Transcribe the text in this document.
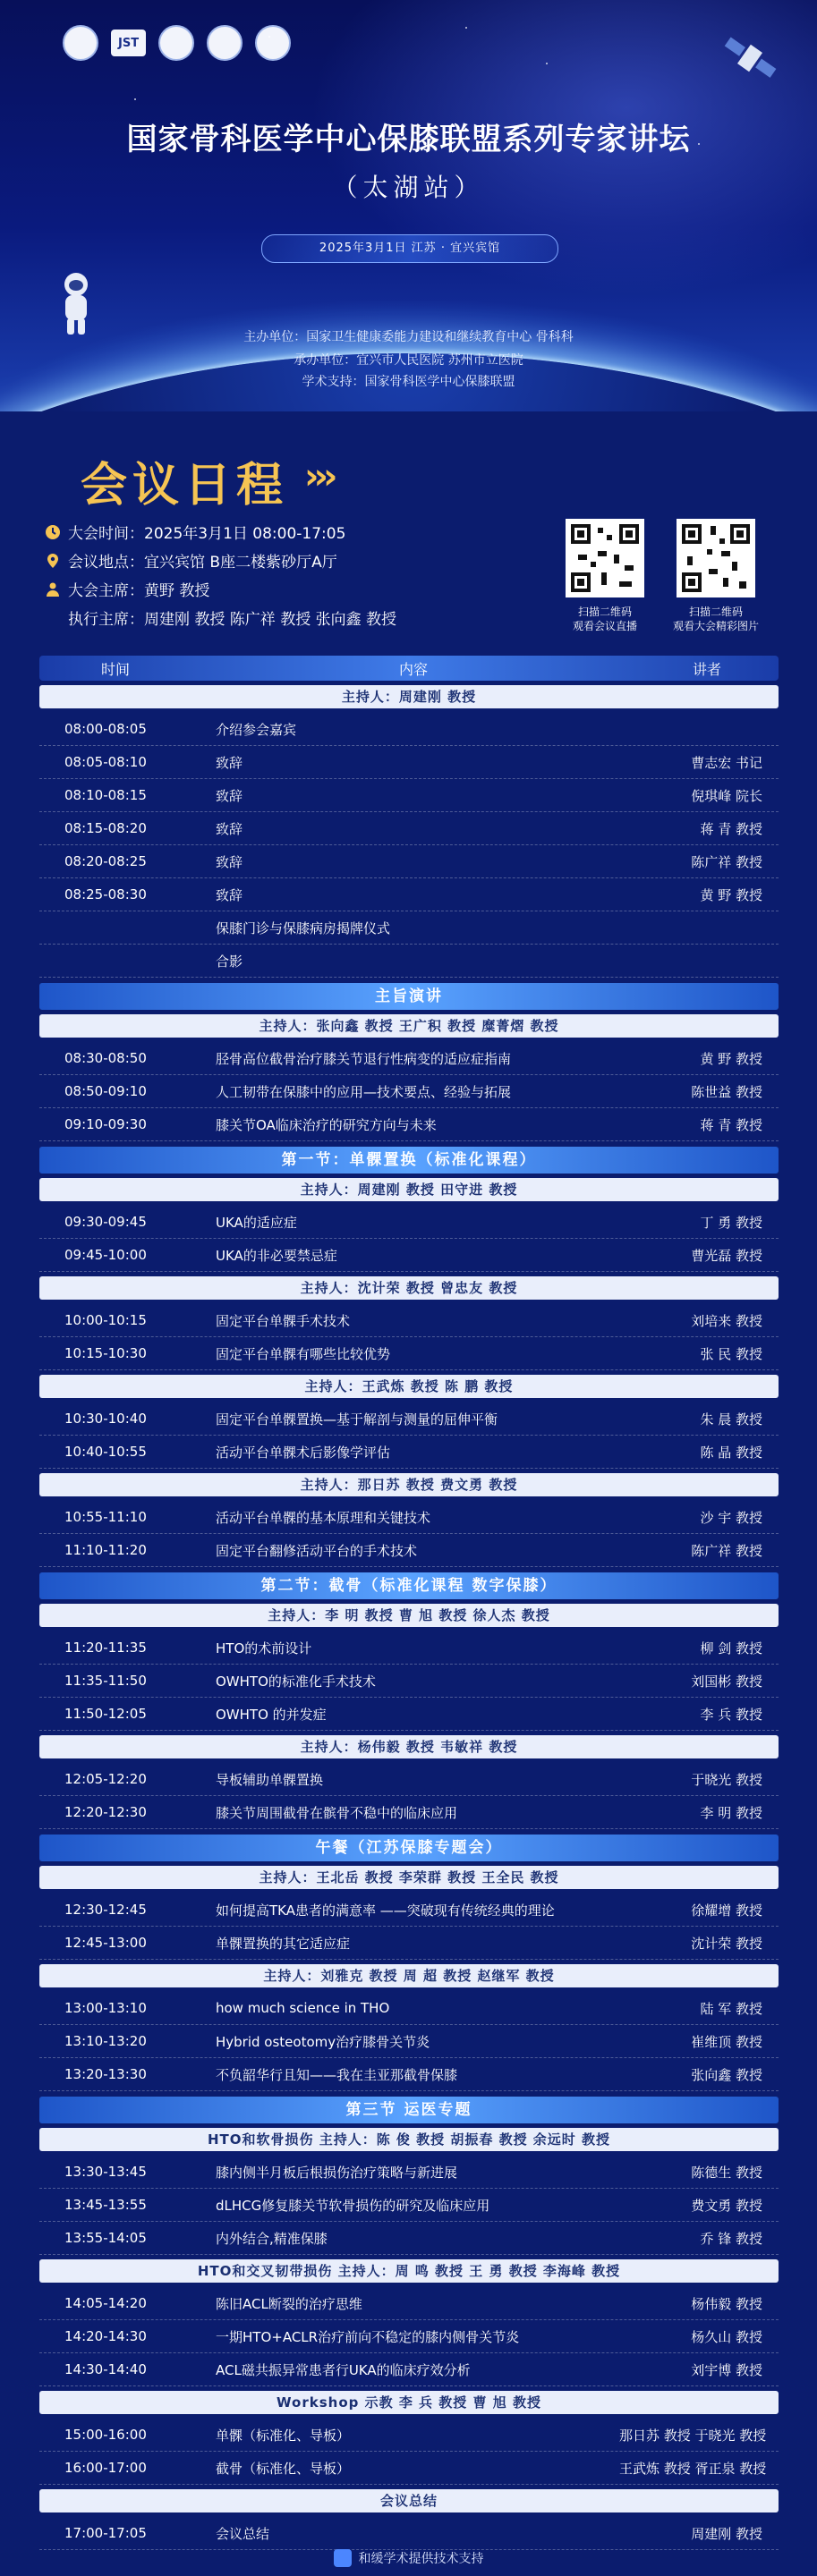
JST
国家骨科医学中心保膝联盟系列专家讲坛
（太湖站）
2025年3月1日 江苏 · 宜兴宾馆
主办单位：国家卫生健康委能力建设和继续教育中心 骨科科
承办单位：宜兴市人民医院 苏州市立医院
学术支持：国家骨科医学中心保膝联盟
会议日程 ›››
大会时间：2025年3月1日 08:00-17:05
会议地点：宜兴宾馆 B座二楼紫砂厅A厅
大会主席：黄野 教授
执行主席：周建刚 教授 陈广祥 教授 张向鑫 教授	扫描二维码
观看会议直播
扫描二维码
观看大会精彩图片
时间	内容	讲者
主持人：周建刚 教授
08:00-08:05	介绍参会嘉宾
08:05-08:10	致辞	曹志宏 书记
08:10-08:15	致辞	倪琪峰 院长
08:15-08:20	致辞	蒋 青 教授
08:20-08:25	致辞	陈广祥 教授
08:25-08:30	致辞	黄 野 教授
保膝门诊与保膝病房揭牌仪式
合影
主旨演讲
主持人：张向鑫 教授 王广积 教授 糜菁熠 教授
08:30-08:50	胫骨高位截骨治疗膝关节退行性病变的适应症指南	黄 野 教授
08:50-09:10	人工韧带在保膝中的应用—技术要点、经验与拓展	陈世益 教授
09:10-09:30	膝关节OA临床治疗的研究方向与未来	蒋 青 教授
第一节：单髁置换（标准化课程）
主持人：周建刚 教授 田守进 教授
09:30-09:45	UKA的适应症	丁 勇 教授
09:45-10:00	UKA的非必要禁忌症	曹光磊 教授
主持人：沈计荣 教授 曾忠友 教授
10:00-10:15	固定平台单髁手术技术	刘培来 教授
10:15-10:30	固定平台单髁有哪些比较优势	张 民 教授
主持人：王武炼 教授 陈 鹏 教授
10:30-10:40	固定平台单髁置换—基于解剖与测量的屈伸平衡	朱 晨 教授
10:40-10:55	活动平台单髁术后影像学评估	陈 晶 教授
主持人：那日苏 教授 费文勇 教授
10:55-11:10	活动平台单髁的基本原理和关键技术	沙 宇 教授
11:10-11:20	固定平台翻修活动平台的手术技术	陈广祥 教授
第二节：截骨（标准化课程 数字保膝）
主持人：李 明 教授 曹 旭 教授 徐人杰 教授
11:20-11:35	HTO的术前设计	柳 剑 教授
11:35-11:50	OWHTO的标准化手术技术	刘国彬 教授
11:50-12:05	OWHTO 的并发症	李 兵 教授
主持人：杨伟毅 教授 韦敏祥 教授
12:05-12:20	导板辅助单髁置换	于晓光 教授
12:20-12:30	膝关节周围截骨在髌骨不稳中的临床应用	李 明 教授
午餐（江苏保膝专题会）
主持人：王北岳 教授 李荣群 教授 王全民 教授
12:30-12:45	如何提高TKA患者的满意率 ——突破现有传统经典的理论	徐耀增 教授
12:45-13:00	单髁置换的其它适应症	沈计荣 教授
主持人：刘雅克 教授 周 超 教授 赵继军 教授
13:00-13:10	how much science in THO	陆 军 教授
13:10-13:20	Hybrid osteotomy治疗膝骨关节炎	崔维顶 教授
13:20-13:30	不负韶华行且知——我在圭亚那截骨保膝	张向鑫 教授
第三节 运医专题
HTO和软骨损伤 主持人：陈 俊 教授 胡振春 教授 余远时 教授
13:30-13:45	膝内侧半月板后根损伤治疗策略与新进展	陈德生 教授
13:45-13:55	dLHCG修复膝关节软骨损伤的研究及临床应用	费文勇 教授
13:55-14:05	内外结合,精准保膝	乔 锋 教授
HTO和交叉韧带损伤 主持人：周 鸣 教授 王 勇 教授 李海峰 教授
14:05-14:20	陈旧ACL断裂的治疗思维	杨伟毅 教授
14:20-14:30	一期HTO+ACLR治疗前向不稳定的膝内侧骨关节炎	杨久山 教授
14:30-14:40	ACL磁共振异常患者行UKA的临床疗效分析	刘宇博 教授
Workshop 示教 李 兵 教授 曹 旭 教授
15:00-16:00	单髁（标准化、导板）	那日苏 教授 于晓光 教授
16:00-17:00	截骨（标准化、导板）	王武炼 教授 胥正泉 教授
会议总结
17:00-17:05	会议总结	周建刚 教授
和缓学术提供技术支持
